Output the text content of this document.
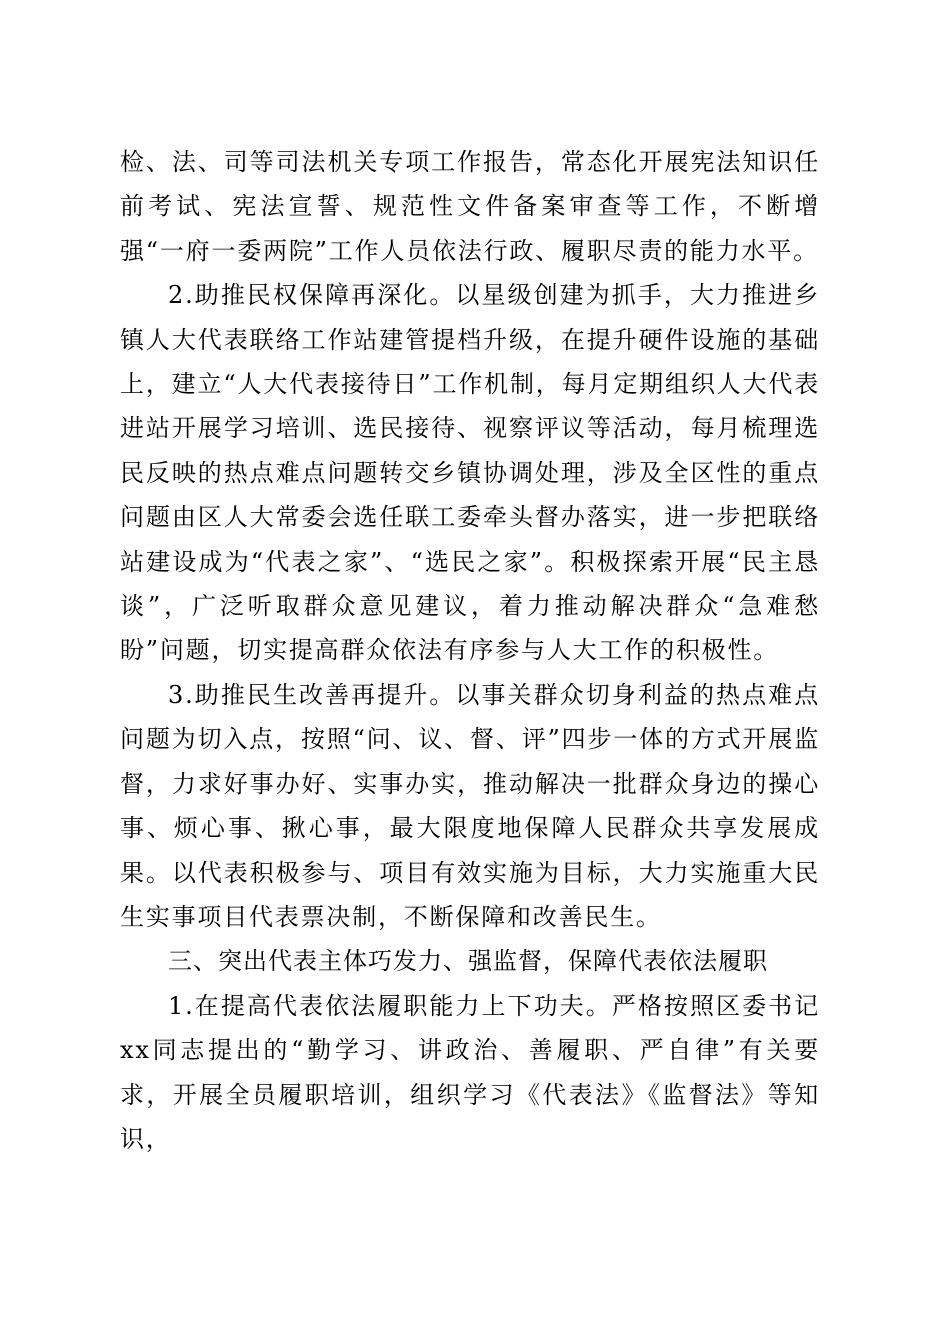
检、法、司等司法机关专项工作报告，常态化开展宪法知识任前考试、宪法宣誓、规范性文件备案审查等工作，不断增强“一府一委两院”工作人员依法行政、履职尽责的能力水平。

2.助推民权保障再深化。以星级创建为抓手，大力推进乡镇人大代表联络工作站建管提档升级，在提升硬件设施的基础上，建立“人大代表接待日”工作机制，每月定期组织人大代表进站开展学习培训、选民接待、视察评议等活动，每月梳理选民反映的热点难点问题转交乡镇协调处理，涉及全区性的重点问题由区人大常委会选任联工委牵头督办落实，进一步把联络站建设成为“代表之家”、“选民之家”。积极探索开展“民主恳谈”，广泛听取群众意见建议，着力推动解决群众“急难愁盼”问题，切实提高群众依法有序参与人大工作的积极性。

3.助推民生改善再提升。以事关群众切身利益的热点难点问题为切入点，按照“问、议、督、评”四步一体的方式开展监督，力求好事办好、实事办实，推动解决一批群众身边的操心事、烦心事、揪心事，最大限度地保障人民群众共享发展成果。以代表积极参与、项目有效实施为目标，大力实施重大民生实事项目代表票决制，不断保障和改善民生。

三、突出代表主体巧发力、强监督，保障代表依法履职

1.在提高代表依法履职能力上下功夫。严格按照区委书记xx同志提出的“勤学习、讲政治、善履职、严自律”有关要求，开展全员履职培训，组织学习《代表法》《监督法》等知识，
